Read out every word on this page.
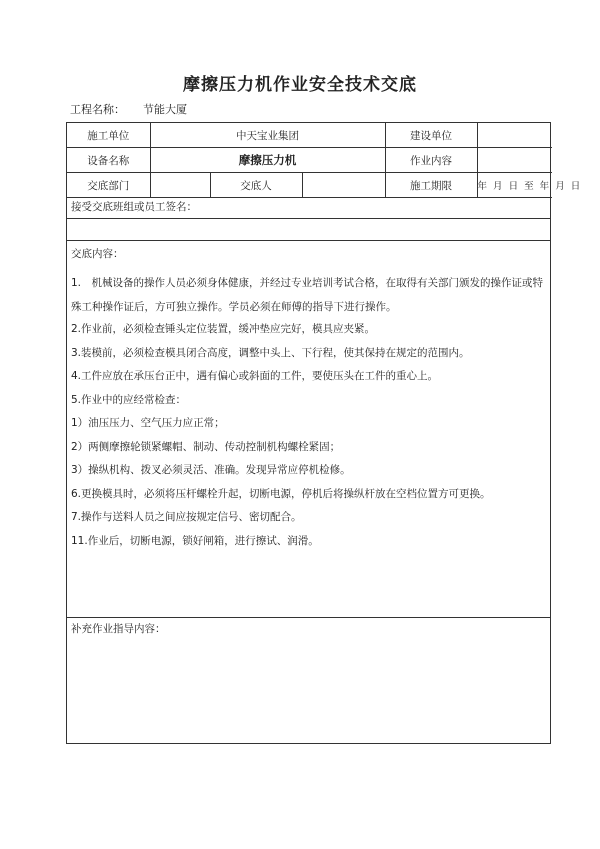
摩擦压力机作业安全技术交底
工程名称： 节能大厦
施工单位	中天宝业集团			建设单位	
设备名称	摩擦压力机			作业内容	
交底部门		交底人		施工期限	年  月  日  至  年  月  日
接受交底班组或员工签名：
交底内容：

1.　机械设备的操作人员必须身体健康，并经过专业培训考试合格，在取得有关部门颁发的操作证或特殊工种操作证后，方可独立操作。学员必须在师傅的指导下进行操作。

2.作业前，必须检查锤头定位装置，缓冲垫应完好，模具应夹紧。

3.装模前，必须检查模具闭合高度，调整中头上、下行程，使其保持在规定的范围内。

4.工件应放在承压台正中，遇有偏心或斜面的工件，要使压头在工件的重心上。

5.作业中的应经常检查：

1）油压压力、空气压力应正常；

2）两侧摩擦轮锁紧螺帽、制动、传动控制机构螺栓紧固；

3）操纵机构、拨叉必须灵活、准确。发现异常应停机检修。

6.更换模具时，必须将压杆螺栓升起，切断电源，停机后将操纵杆放在空档位置方可更换。

7.操作与送料人员之间应按规定信号、密切配合。

11.作业后，切断电源，锁好闸箱，进行擦试、润滑。

补充作业指导内容：
